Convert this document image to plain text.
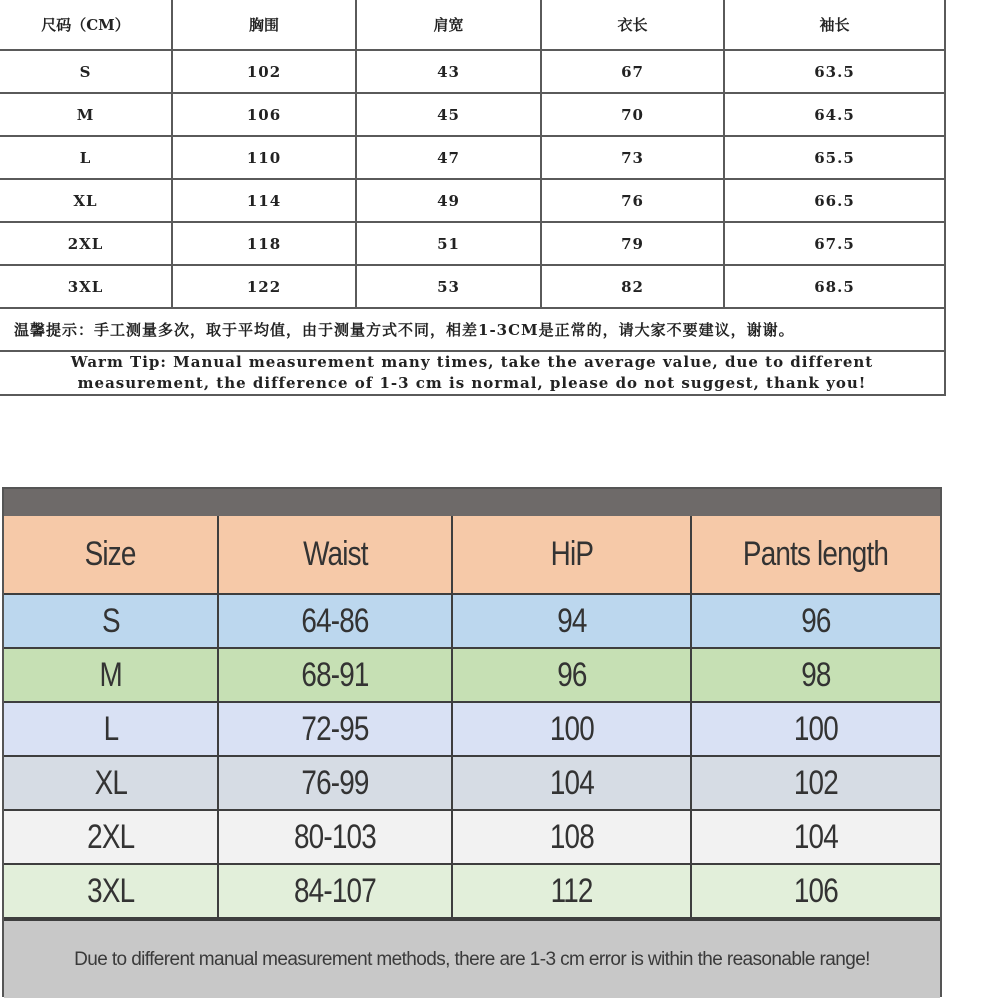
尺码（CM）	胸围	肩宽	衣长	袖长
S	102	43	67	63.5
M	106	45	70	64.5
L	110	47	73	65.5
XL	114	49	76	66.5
2XL	118	51	79	67.5
3XL	122	53	82	68.5
温馨提示：手工测量多次，取于平均值，由于测量方式不同，相差1-3CM是正常的，请大家不要建议，谢谢。				

Warm Tip: Manual measurement many times, take the average value, due to different
measurement, the difference of 1-3 cm is normal, please do not suggest, thank you!				
Size	Waist	HiP	Pants length
S	64-86	94	96
M	68-91	96	98
L	72-95	100	100
XL	76-99	104	102
2XL	80-103	108	104
3XL	84-107	112	106
Due to different manual measurement methods, there are 1-3 cm error is within the reasonable range!
